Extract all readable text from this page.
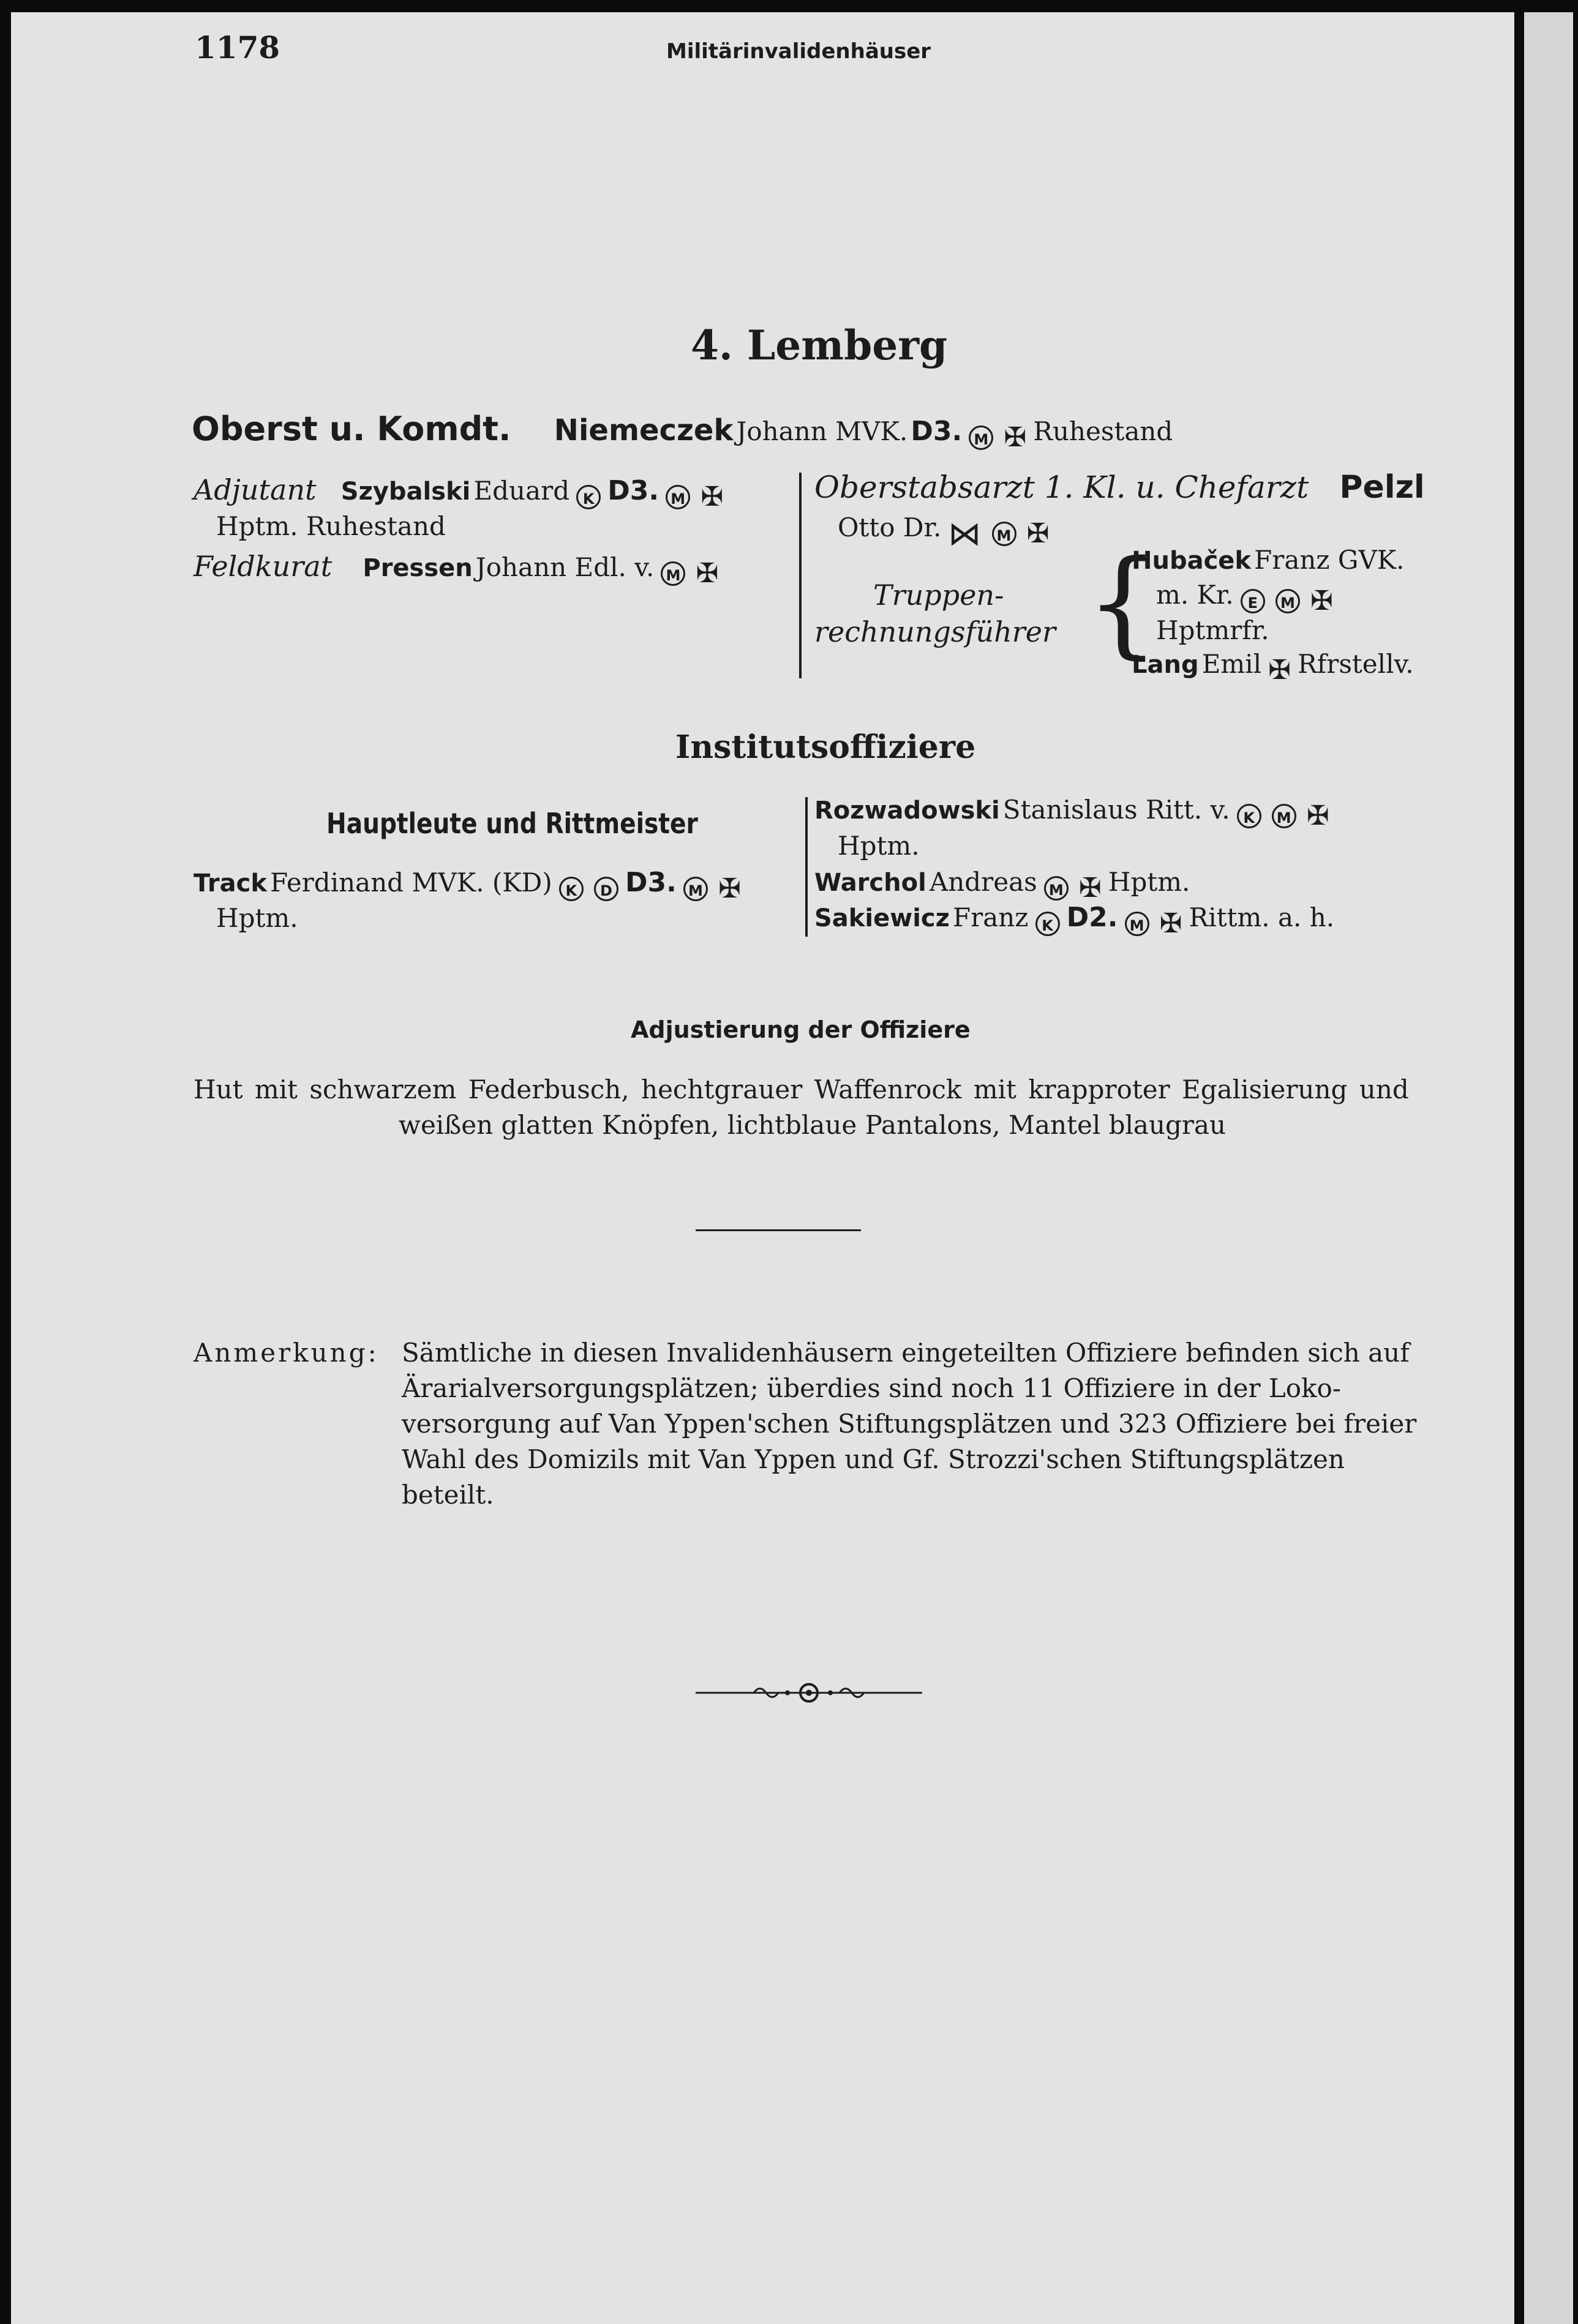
1178	Militärinvalidenhäuser
4. Lemberg
Oberst u. Komdt. Niemeczek Johann MVK. D3. M ✠ Ruhestand
Adjutant Szybalski Eduard K D3. M ✠
Hptm. Ruhestand
Feldkurat Pressen Johann Edl. v. M ✠
Oberstabsarzt 1. Kl. u. Chefarzt Pelzl
Otto Dr. ⋈ M ✠
Truppen-
rechnungsführer {
Hubaček Franz GVK.
m. Kr. E M ✠
Hptmrfr.
Lang Emil ✠ Rfrstellv.
Institutsoffiziere
Hauptleute und Rittmeister
Track Ferdinand MVK. (KD) K D D3. M ✠
Hptm.
Rozwadowski Stanislaus Ritt. v. K M ✠
Hptm.
Warchol Andreas M ✠ Hptm.
Sakiewicz Franz K D2. M ✠ Rittm. a. h.
Adjustierung der Offiziere
Hut mit schwarzem Federbusch, hechtgrauer Waffenrock mit krapproter Egalisierung und
weißen glatten Knöpfen, lichtblaue Pantalons, Mantel blaugrau
Anmerkung: Sämtliche in diesen Invalidenhäusern eingeteilten Offiziere befinden sich auf
Ärarialversorgungsplätzen; überdies sind noch 11 Offiziere in der Loko-
versorgung auf Van Yppen'schen Stiftungsplätzen und 323 Offiziere bei freier
Wahl des Domizils mit Van Yppen und Gf. Strozzi'schen Stiftungsplätzen
beteilt.
